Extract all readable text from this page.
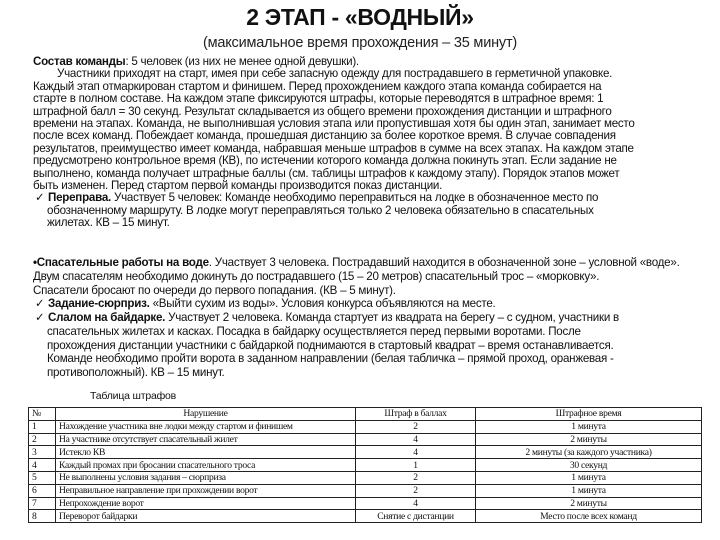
2 ЭТАП - «ВОДНЫЙ»
(максимальное время прохождения – 35 минут)
Состав команды: 5 человек (из них не менее одной девушки).
Участники приходят на старт, имея при себе запасную одежду для пострадавшего в герметичной упаковке.
Каждый этап отмаркирован стартом и финишем. Перед прохождением каждого этапа команда собирается на
старте в полном составе. На каждом этапе фиксируются штрафы, которые переводятся в штрафное время: 1
штрафной балл = 30 секунд. Результат складывается из общего времени прохождения дистанции и штрафного
времени на этапах. Команда, не выполнившая условия этапа или пропустившая хотя бы один этап, занимает место
после всех команд. Побеждает команда, прошедшая дистанцию за более короткое время. В случае совпадения
результатов, преимущество имеет команда, набравшая меньше штрафов в сумме на всех этапах. На каждом этапе
предусмотрено контрольное время (КВ), по истечении которого команда должна покинуть этап. Если задание не
выполнено, команда получает штрафные баллы (см. таблицы штрафов к каждому этапу). Порядок этапов может
быть изменен. Перед стартом первой команды производится показ дистанции.
✓ Переправа. Участвует 5 человек: Команде необходимо переправиться на лодке в обозначенное место по
обозначенному маршруту. В лодке могут переправляться только 2 человека обязательно в спасательных
жилетах. КВ – 15 минут.
•Спасательные работы на воде. Участвует 3 человека. Пострадавший находится в обозначенной зоне – условной «воде».
Двум спасателям необходимо докинуть до пострадавшего (15 – 20 метров) спасательный трос – «морковку».
Спасатели бросают по очереди до первого попадания. (КВ – 5 минут).
✓ Задание-сюрприз. «Выйти сухим из воды». Условия конкурса объявляются на месте.
✓ Слалом на байдарке. Участвует 2 человека. Команда стартует из квадрата на берегу – с судном, участники в
спасательных жилетах и касках. Посадка в байдарку осуществляется перед первыми воротами. После
прохождения дистанции участники с байдаркой поднимаются в стартовый квадрат – время останавливается.
Команде необходимо пройти ворота в заданном направлении (белая табличка – прямой проход, оранжевая -
противоположный). КВ – 15 минут.
Таблица штрафов
№	Нарушение	Штраф в баллах	Штрафное время
1	Нахождение участника вне лодки между стартом и финишем	2	1 минута
2	На участнике отсутствует спасательный жилет	4	2 минуты
3	Истекло КВ	4	2 минуты (за каждого участника)
4	Каждый промах при бросании спасательного троса	1	30 секунд
5	Не выполнены условия задания – сюрприза	2	1 минута
6	Неправильное направление при прохождении ворот	2	1 минута
7	Непрохождение ворот	4	2 минуты
8	Переворот байдарки	Снятие с дистанции	Место после всех команд
